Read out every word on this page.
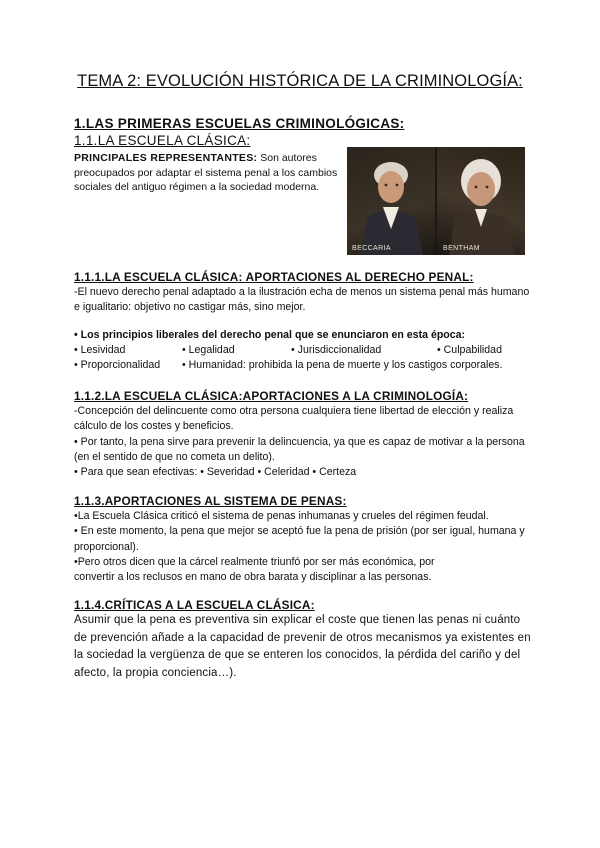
TEMA 2: EVOLUCIÓN HISTÓRICA DE LA CRIMINOLOGÍA:
1.LAS PRIMERAS ESCUELAS CRIMINOLÓGICAS:
1.1.LA ESCUELA CLÁSICA:
PRINCIPALES REPRESENTANTES: Son autores preocupados por adaptar el sistema penal a los cambios sociales del antiguo régimen a la sociedad moderna.
BECCARIA	BENTHAM
1.1.1.LA ESCUELA CLÁSICA: APORTACIONES AL DERECHO PENAL:
-El nuevo derecho penal adaptado a la ilustración echa de menos un sistema penal más humano e igualitario: objetivo no castigar más, sino mejor.
• Los principios liberales del derecho penal que se enunciaron en esta época:
• Lesividad	• Legalidad	• Jurisdiccionalidad	• Culpabilidad
• Proporcionalidad	• Humanidad: prohibida la pena de muerte y los castigos corporales.
1.1.2.LA ESCUELA CLÁSICA:APORTACIONES A LA CRIMINOLOGÍA:
-Concepción del delincuente como otra persona cualquiera tiene libertad de elección y realiza cálculo de los costes y beneficios.
• Por tanto, la pena sirve para prevenir la delincuencia, ya que es capaz de motivar a la persona (en el sentido de que no cometa un delito).
• Para que sean efectivas: • Severidad • Celeridad • Certeza
1.1.3.APORTACIONES AL SISTEMA DE PENAS:
•La Escuela Clásica criticó el sistema de penas inhumanas y crueles del régimen feudal.
• En este momento, la pena que mejor se aceptó fue la pena de prisión (por ser igual, humana y proporcional).
•Pero otros dicen que la cárcel realmente triunfó por ser más económica, por convertir a los reclusos en mano de obra barata y disciplinar a las personas.
1.1.4.CRÍTICAS A LA ESCUELA CLÁSICA:
Asumir que la pena es preventiva sin explicar el coste que tienen las penas ni cuánto de prevención añade a la capacidad de prevenir de otros mecanismos ya existentes en la sociedad la vergüenza de que se enteren los conocidos, la pérdida del cariño y del afecto, la propia conciencia…).
